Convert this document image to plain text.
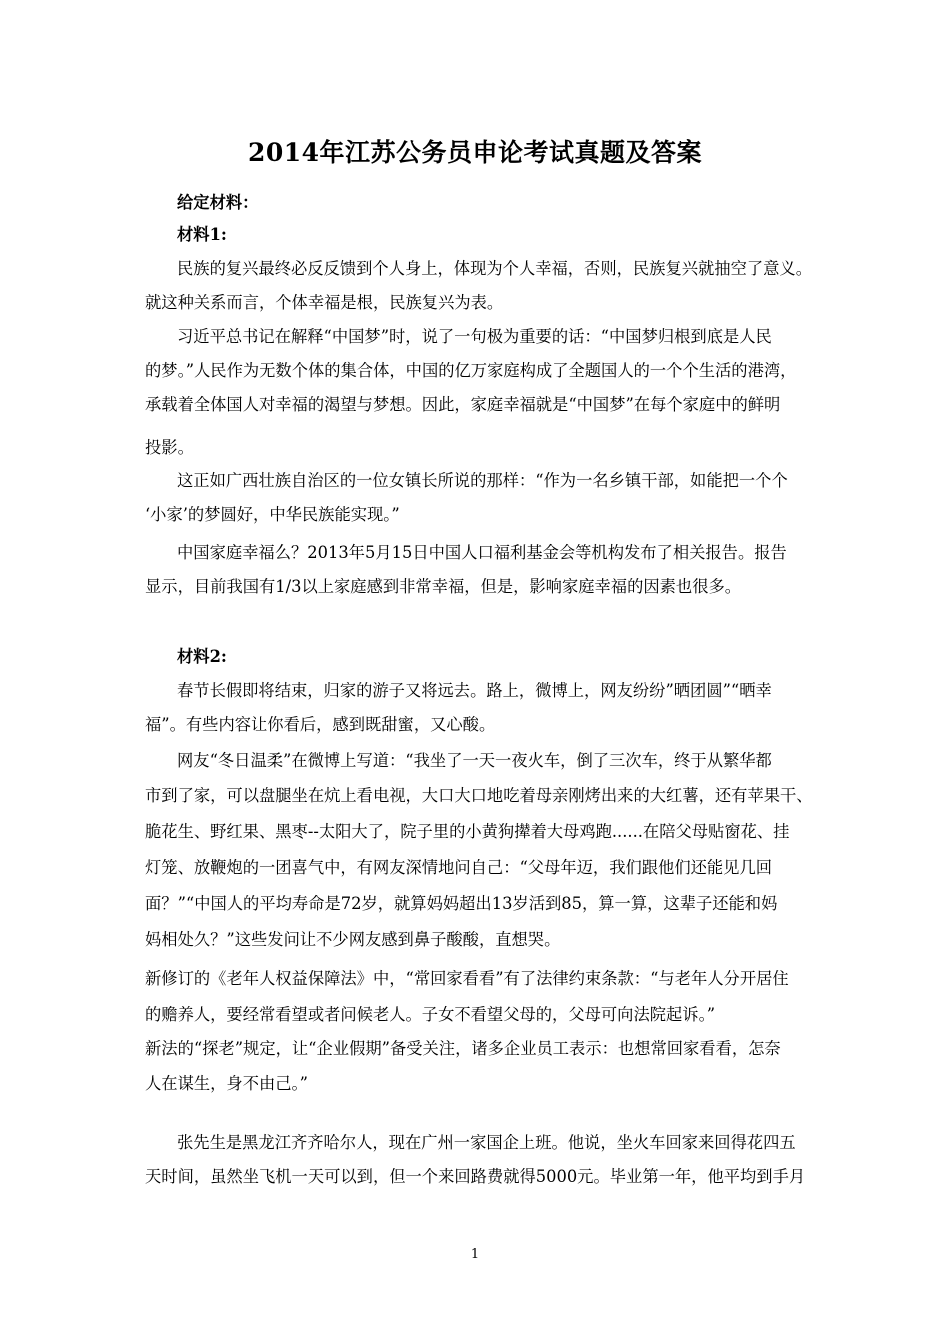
2014年江苏公务员申论考试真题及答案
给定材料：
材料1:
民族的复兴最终必反反馈到个人身上，体现为个人幸福，否则，民族复兴就抽空了意义。
就这种关系而言，个体幸福是根，民族复兴为表。
习近平总书记在解释“中国梦”时，说了一句极为重要的话：“中国梦归根到底是人民
的梦。”人民作为无数个体的集合体，中国的亿万家庭构成了全题国人的一个个生活的港湾，
承载着全体国人对幸福的渴望与梦想。因此，家庭幸福就是“中国梦”在每个家庭中的鲜明
投影。
这正如广西壮族自治区的一位女镇长所说的那样：“作为一名乡镇干部，如能把一个个
‘小家’的梦圆好，中华民族能实现。”
中国家庭幸福么？2013年5月15日中国人口福利基金会等机构发布了相关报告。报告
显示，目前我国有1/3以上家庭感到非常幸福，但是，影响家庭幸福的因素也很多。
材料2:
春节长假即将结束，归家的游子又将远去。路上，微博上，网友纷纷”晒团圆”“晒幸
福”。有些内容让你看后，感到既甜蜜，又心酸。
网友“冬日温柔”在微博上写道：“我坐了一天一夜火车，倒了三次车，终于从繁华都
市到了家，可以盘腿坐在炕上看电视，大口大口地吃着母亲刚烤出来的大红薯，还有苹果干、
脆花生、野红果、黑枣--太阳大了，院子里的小黄狗撵着大母鸡跑......在陪父母贴窗花、挂
灯笼、放鞭炮的一团喜气中，有网友深情地问自己：“父母年迈，我们跟他们还能见几回
面？”“中国人的平均寿命是72岁，就算妈妈超出13岁活到85，算一算，这辈子还能和妈
妈相处久？”这些发问让不少网友感到鼻子酸酸，直想哭。
新修订的《老年人权益保障法》中，“常回家看看”有了法律约束条款：“与老年人分开居住
的赡养人，要经常看望或者问候老人。子女不看望父母的，父母可向法院起诉。”
新法的“探老”规定，让“企业假期”备受关注，诸多企业员工表示：也想常回家看看，怎奈
人在谋生，身不由己。”
张先生是黑龙江齐齐哈尔人，现在广州一家国企上班。他说，坐火车回家来回得花四五
天时间，虽然坐飞机一天可以到，但一个来回路费就得5000元。毕业第一年，他平均到手月
1
